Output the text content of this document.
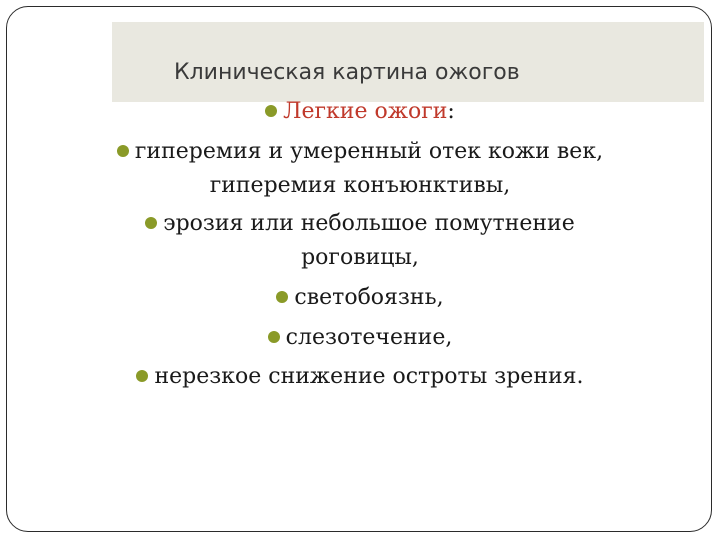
Клиническая картина ожогов
Легкие ожоги:
гиперемия и умеренный отек кожи век,
гиперемия конъюнктивы,
эрозия или небольшое помутнение
роговицы,
светобоязнь,
слезотечение,
нерезкое снижение остроты зрения.
